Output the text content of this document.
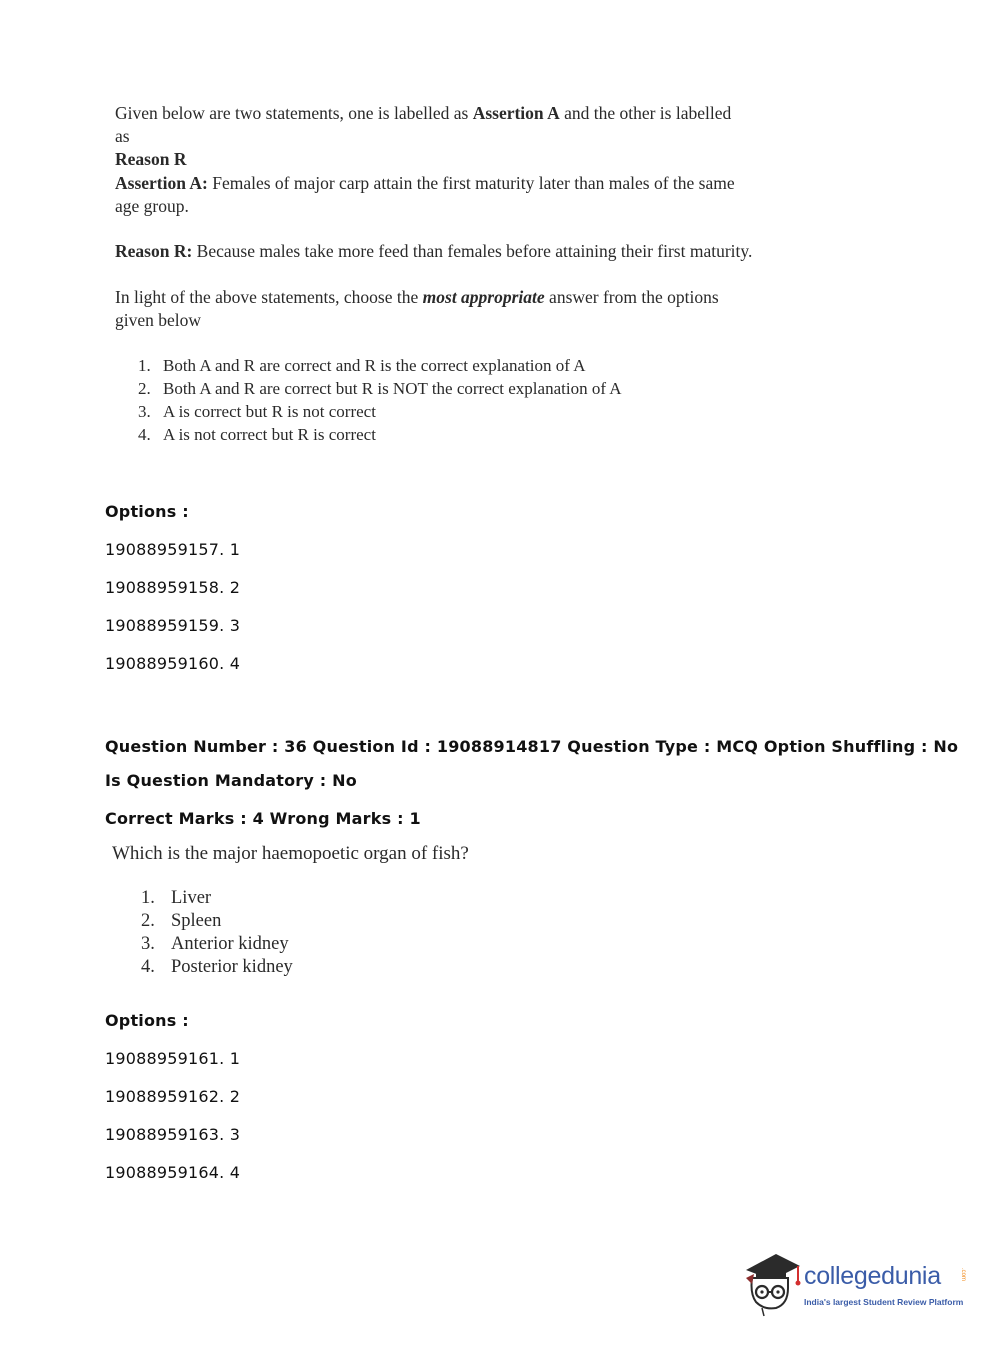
Given below are two statements, one is labelled as Assertion A and the other is labelled as
Reason R

Assertion A: Females of major carp attain the first maturity later than males of the same age group.

Reason R: Because males take more feed than females before attaining their first maturity.

In light of the above statements, choose the most appropriate answer from the options given below

1. Both A and R are correct and R is the correct explanation of A
2. Both A and R are correct but R is NOT the correct explanation of A
3. A is correct but R is not correct
4. A is not correct but R is correct
Options :
19088959157. 1
19088959158. 2
19088959159. 3
19088959160. 4
Question Number : 36 Question Id : 19088914817 Question Type : MCQ Option Shuffling : No
Is Question Mandatory : No
Correct Marks : 4 Wrong Marks : 1
Which is the major haemopoetic organ of fish?
1. Liver
2. Spleen
3. Anterior kidney
4. Posterior kidney
Options :
19088959161. 1
19088959162. 2
19088959163. 3
19088959164. 4
collegedunia	.com
India's largest Student Review Platform
